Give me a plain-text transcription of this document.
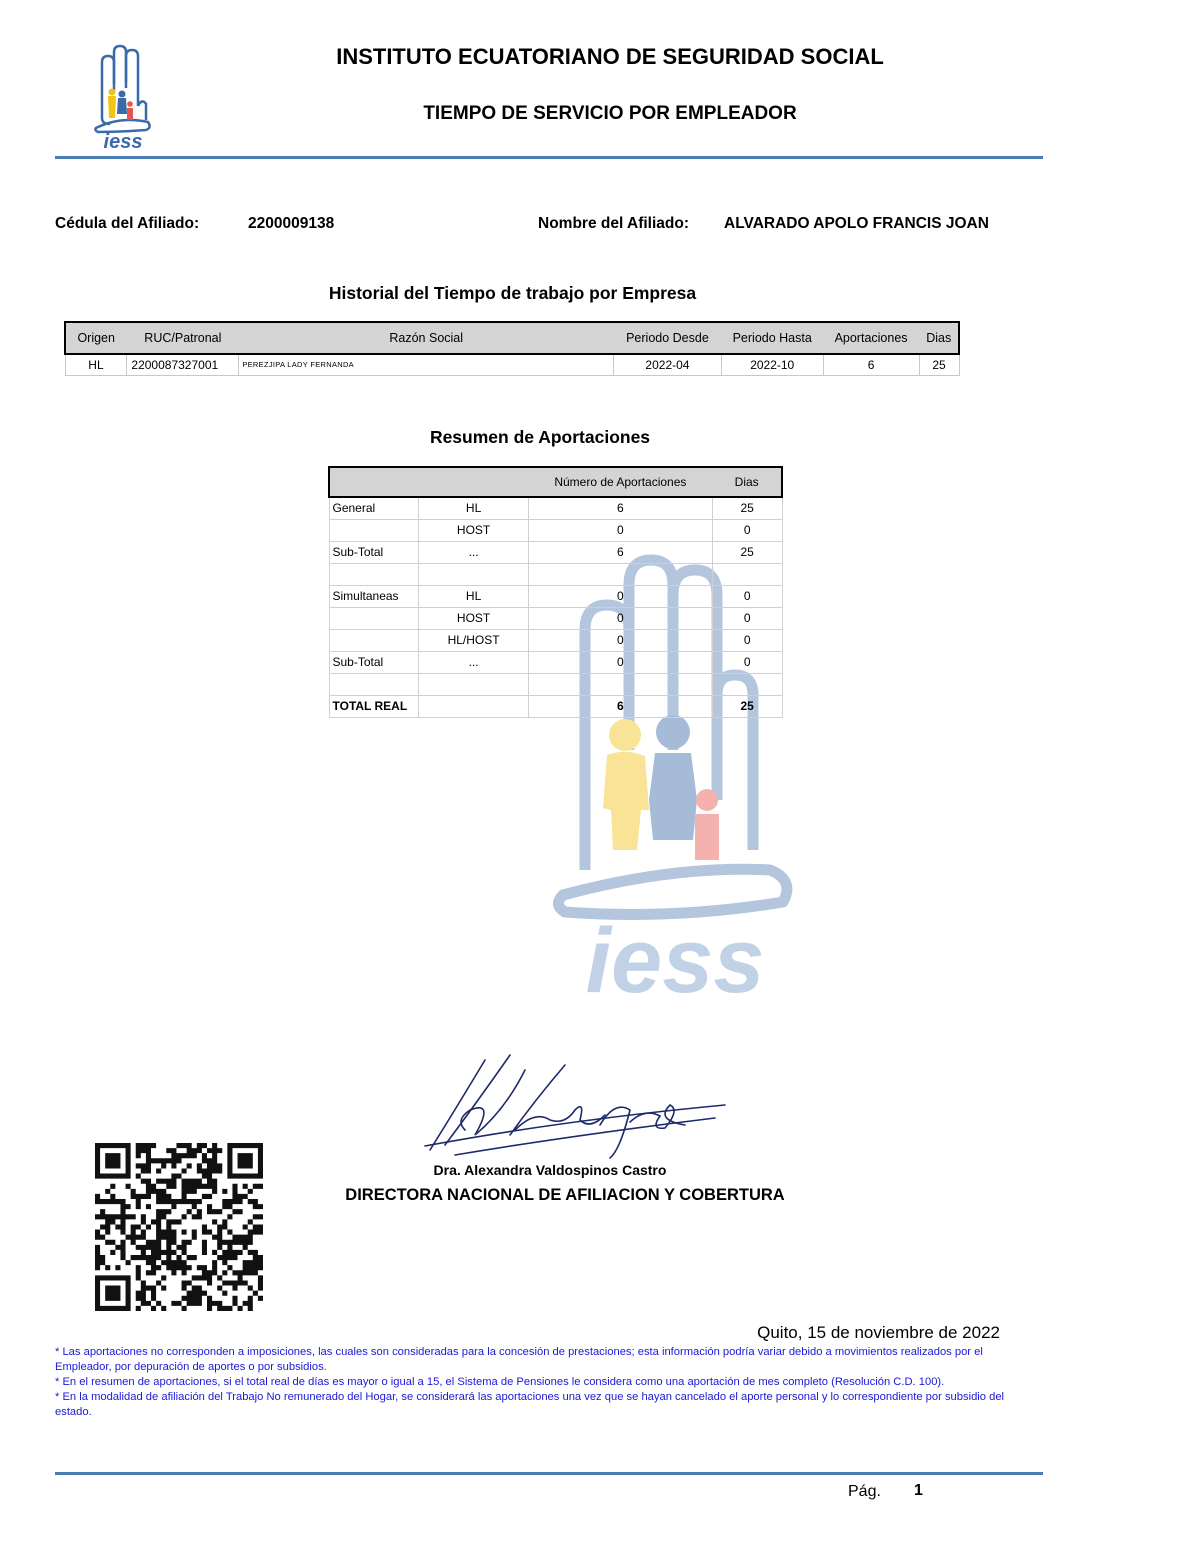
iess
INSTITUTO ECUATORIANO DE SEGURIDAD SOCIAL
TIEMPO DE SERVICIO POR EMPLEADOR
Cédula del Afiliado:	2200009138	Nombre del Afiliado: ALVARADO APOLO FRANCIS JOAN
Historial del Tiempo de trabajo por Empresa
Origen	RUC/Patronal	Razón Social	Periodo Desde	Periodo Hasta	Aportaciones	Dias
HL	2200087327001	PEREZJIPA LADY FERNANDA	2022-04	2022-10	6	25
Resumen de Aportaciones
iess
		Número de Aportaciones	Dias
General	HL	6	25
	HOST	0	0
Sub-Total	...	6	25

Simultaneas	HL	0	0
	HOST	0	0
	HL/HOST	0	0
Sub-Total	...	0	0

TOTAL REAL		6	25
Dra. Alexandra Valdospinos Castro
DIRECTORA NACIONAL DE AFILIACION Y COBERTURA
Quito, 15 de noviembre de 2022

* Las aportaciones no corresponden a imposiciones, las cuales son consideradas para la concesión de prestaciones; esta información podría variar debido a movimientos realizados por el Empleador, por depuración de aportes o por subsidios.

* En el resumen de aportaciones, si el total real de días es mayor o igual a 15, el Sistema de Pensiones le considera como una aportación de mes completo (Resolución C.D. 100).

* En la modalidad de afiliación del Trabajo No remunerado del Hogar, se considerará las aportaciones una vez que se hayan cancelado el aporte personal y lo correspondiente por subsidio del estado.

Pág. 1
